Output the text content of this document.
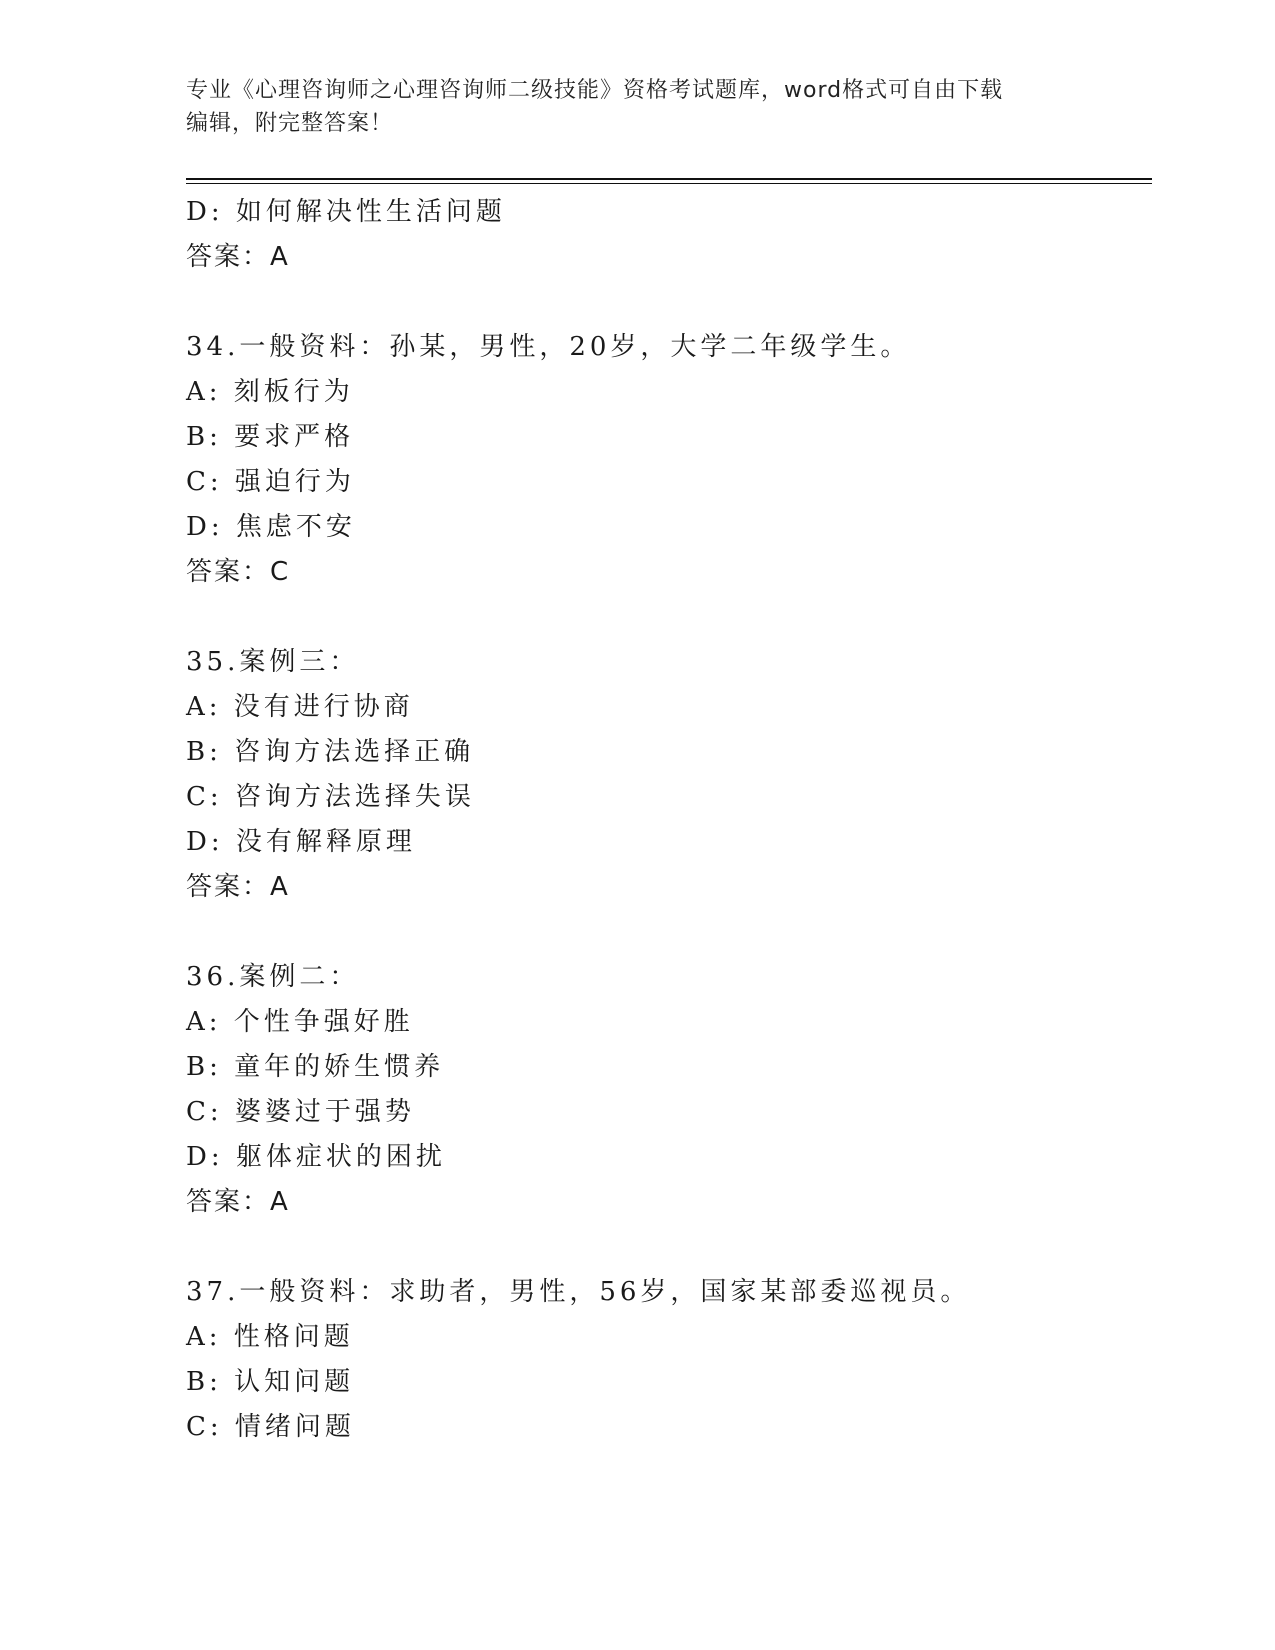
专业《心理咨询师之心理咨询师二级技能》资格考试题库，word格式可自由下载
编辑，附完整答案！
D: 如何解决性生活问题
答案：A
34.一般资料：孙某，男性，20岁，大学二年级学生。
A: 刻板行为
B: 要求严格
C: 强迫行为
D: 焦虑不安
答案：C
35.案例三：
A: 没有进行协商
B: 咨询方法选择正确
C: 咨询方法选择失误
D: 没有解释原理
答案：A
36.案例二：
A: 个性争强好胜
B: 童年的娇生惯养
C: 婆婆过于强势
D: 躯体症状的困扰
答案：A
37.一般资料：求助者，男性，56岁，国家某部委巡视员。
A: 性格问题
B: 认知问题
C: 情绪问题
